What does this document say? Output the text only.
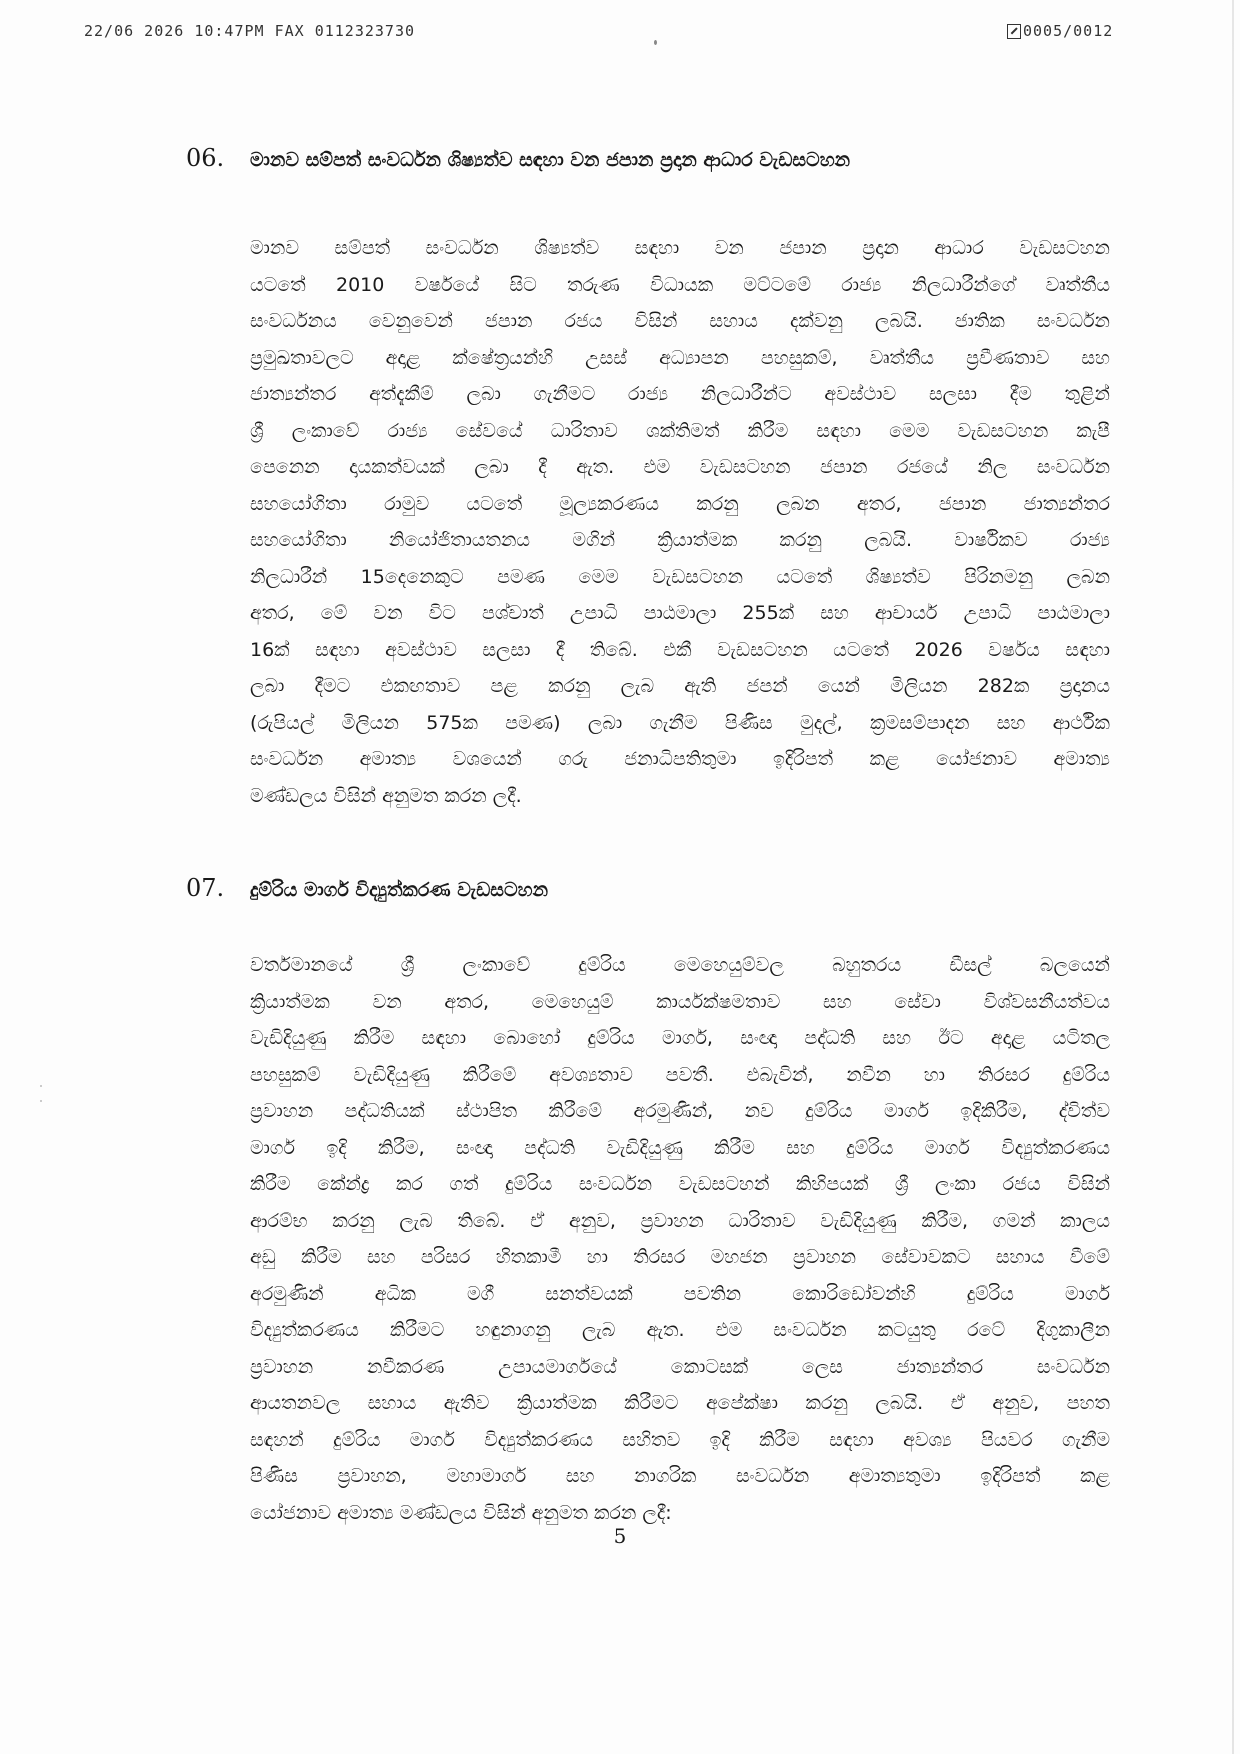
22/06 2026 10:47PM FAX 0112323730	0005/0012
06.	මානව සම්පත් සංවර්ධන ශිෂ්‍යත්ව සඳහා වන ජපාන ප්‍රදාන ආධාර වැඩසටහන
මානව සම්පත් සංවර්ධන ශිෂ්‍යත්ව සඳහා වන ජපාන ප්‍රදාන ආධාර වැඩසටහන
යටතේ 2010 වර්ෂයේ සිට තරුණ විධායක මට්ටමේ රාජ්‍ය නිලධාරීන්ගේ වෘත්තීය
සංවර්ධනය වෙනුවෙන් ජපාන රජය විසින් සහාය දක්වනු ලබයි. ජාතික සංවර්ධන
ප්‍රමුඛතාවලට අදාළ ක්ෂේත්‍රයන්හි උසස් අධ්‍යාපන පහසුකම්, වෘත්තීය ප්‍රවීණතාව සහ
ජාත්‍යන්තර අත්දැකීම් ලබා ගැනීමට රාජ්‍ය නිලධාරීන්ට අවස්ථාව සලසා දීම තුළින්
ශ්‍රී ලංකාවේ රාජ්‍ය සේවයේ ධාරිතාව ශක්තිමත් කිරීම සඳහා මෙම වැඩසටහන කැපී
පෙනෙන දායකත්වයක් ලබා දී ඇත. එම වැඩසටහන ජපාන රජයේ නිල සංවර්ධන
සහයෝගිතා රාමුව යටතේ මූල්‍යකරණය කරනු ලබන අතර, ජපාන ජාත්‍යන්තර
සහයෝගිතා නියෝජිතායතනය මගින් ක්‍රියාත්මක කරනු ලබයි. වාර්ෂිකව රාජ්‍ය
නිලධාරීන් 15දෙනෙකුට පමණ මෙම වැඩසටහන යටතේ ශිෂ්‍යත්ව පිරිනමනු ලබන
අතර, මේ වන විට පශ්චාත් උපාධි පාඨමාලා 255ක් සහ ආචාර්ය උපාධි පාඨමාලා
16ක් සඳහා අවස්ථාව සලසා දී තිබේ. එකී වැඩසටහන යටතේ 2026 වර්ෂය සඳහා
ලබා දීමට එකඟතාව පළ කරනු ලැබ ඇති ජපන් යෙන් මිලියන 282ක ප්‍රදානය
(රුපියල් මිලියන 575ක පමණ) ලබා ගැනීම පිණිස මුදල්, ක්‍රමසම්පාදන සහ ආර්ථික
සංවර්ධන අමාත්‍ය වශයෙන් ගරු ජනාධිපතිතුමා ඉදිරිපත් කළ යෝජනාව අමාත්‍ය
මණ්ඩලය විසින් අනුමත කරන ලදී.
07.	දුම්රිය මාර්ග විද්‍යුත්කරණ වැඩසටහන
වර්තමානයේ ශ්‍රී ලංකාවේ දුම්රිය මෙහෙයුම්වල බහුතරය ඩීසල් බලයෙන්
ක්‍රියාත්මක වන අතර, මෙහෙයුම් කාර්යක්ෂමතාව සහ සේවා විශ්වසනීයත්වය
වැඩිදියුණු කිරීම සඳහා බොහෝ දුම්රිය මාර්ග, සංඥා පද්ධති සහ ඊට අදාළ යටිතල
පහසුකම් වැඩිදියුණු කිරීමේ අවශ්‍යතාව පවතී. එබැවින්, නවීන හා තිරසර දුම්රිය
ප්‍රවාහන පද්ධතියක් ස්ථාපිත කිරීමේ අරමුණින්, නව දුම්රිය මාර්ග ඉදිකිරීම, ද්විත්ව
මාර්ග ඉදි කිරීම, සංඥා පද්ධති වැඩිදියුණු කිරීම සහ දුම්රිය මාර්ග විද්‍යුත්කරණය
කිරීම කේන්ද්‍ර කර ගත් දුම්රිය සංවර්ධන වැඩසටහන් කිහිපයක් ශ්‍රී ලංකා රජය විසින්
ආරම්භ කරනු ලැබ තිබේ. ඒ අනුව, ප්‍රවාහන ධාරිතාව වැඩිදියුණු කිරීම, ගමන් කාලය
අඩු කිරීම සහ පරිසර හිතකාමී හා තිරසර මහජන ප්‍රවාහන සේවාවකට සහාය වීමේ
අරමුණින් අධික මගී සනත්වයක් පවතින කොරිඩෝවන්හි දුම්රිය මාර්ග
විද්‍යුත්කරණය කිරීමට හඳුනාගනු ලැබ ඇත. එම සංවර්ධන කටයුතු රටේ දිගුකාලීන
ප්‍රවාහන නවීකරණ උපායමාර්ගයේ කොටසක් ලෙස ජාත්‍යන්තර සංවර්ධන
ආයතනවල සහාය ඇතිව ක්‍රියාත්මක කිරීමට අපේක්ෂා කරනු ලබයි. ඒ අනුව, පහත
සඳහන් දුම්රිය මාර්ග විද්‍යුත්කරණය සහිතව ඉදි කිරීම සඳහා අවශ්‍ය පියවර ගැනීම
පිණිස ප්‍රවාහන, මහාමාර්ග සහ නාගරික සංවර්ධන අමාත්‍යතුමා ඉදිරිපත් කළ
යෝජනාව අමාත්‍ය මණ්ඩලය විසින් අනුමත කරන ලදී:
5
